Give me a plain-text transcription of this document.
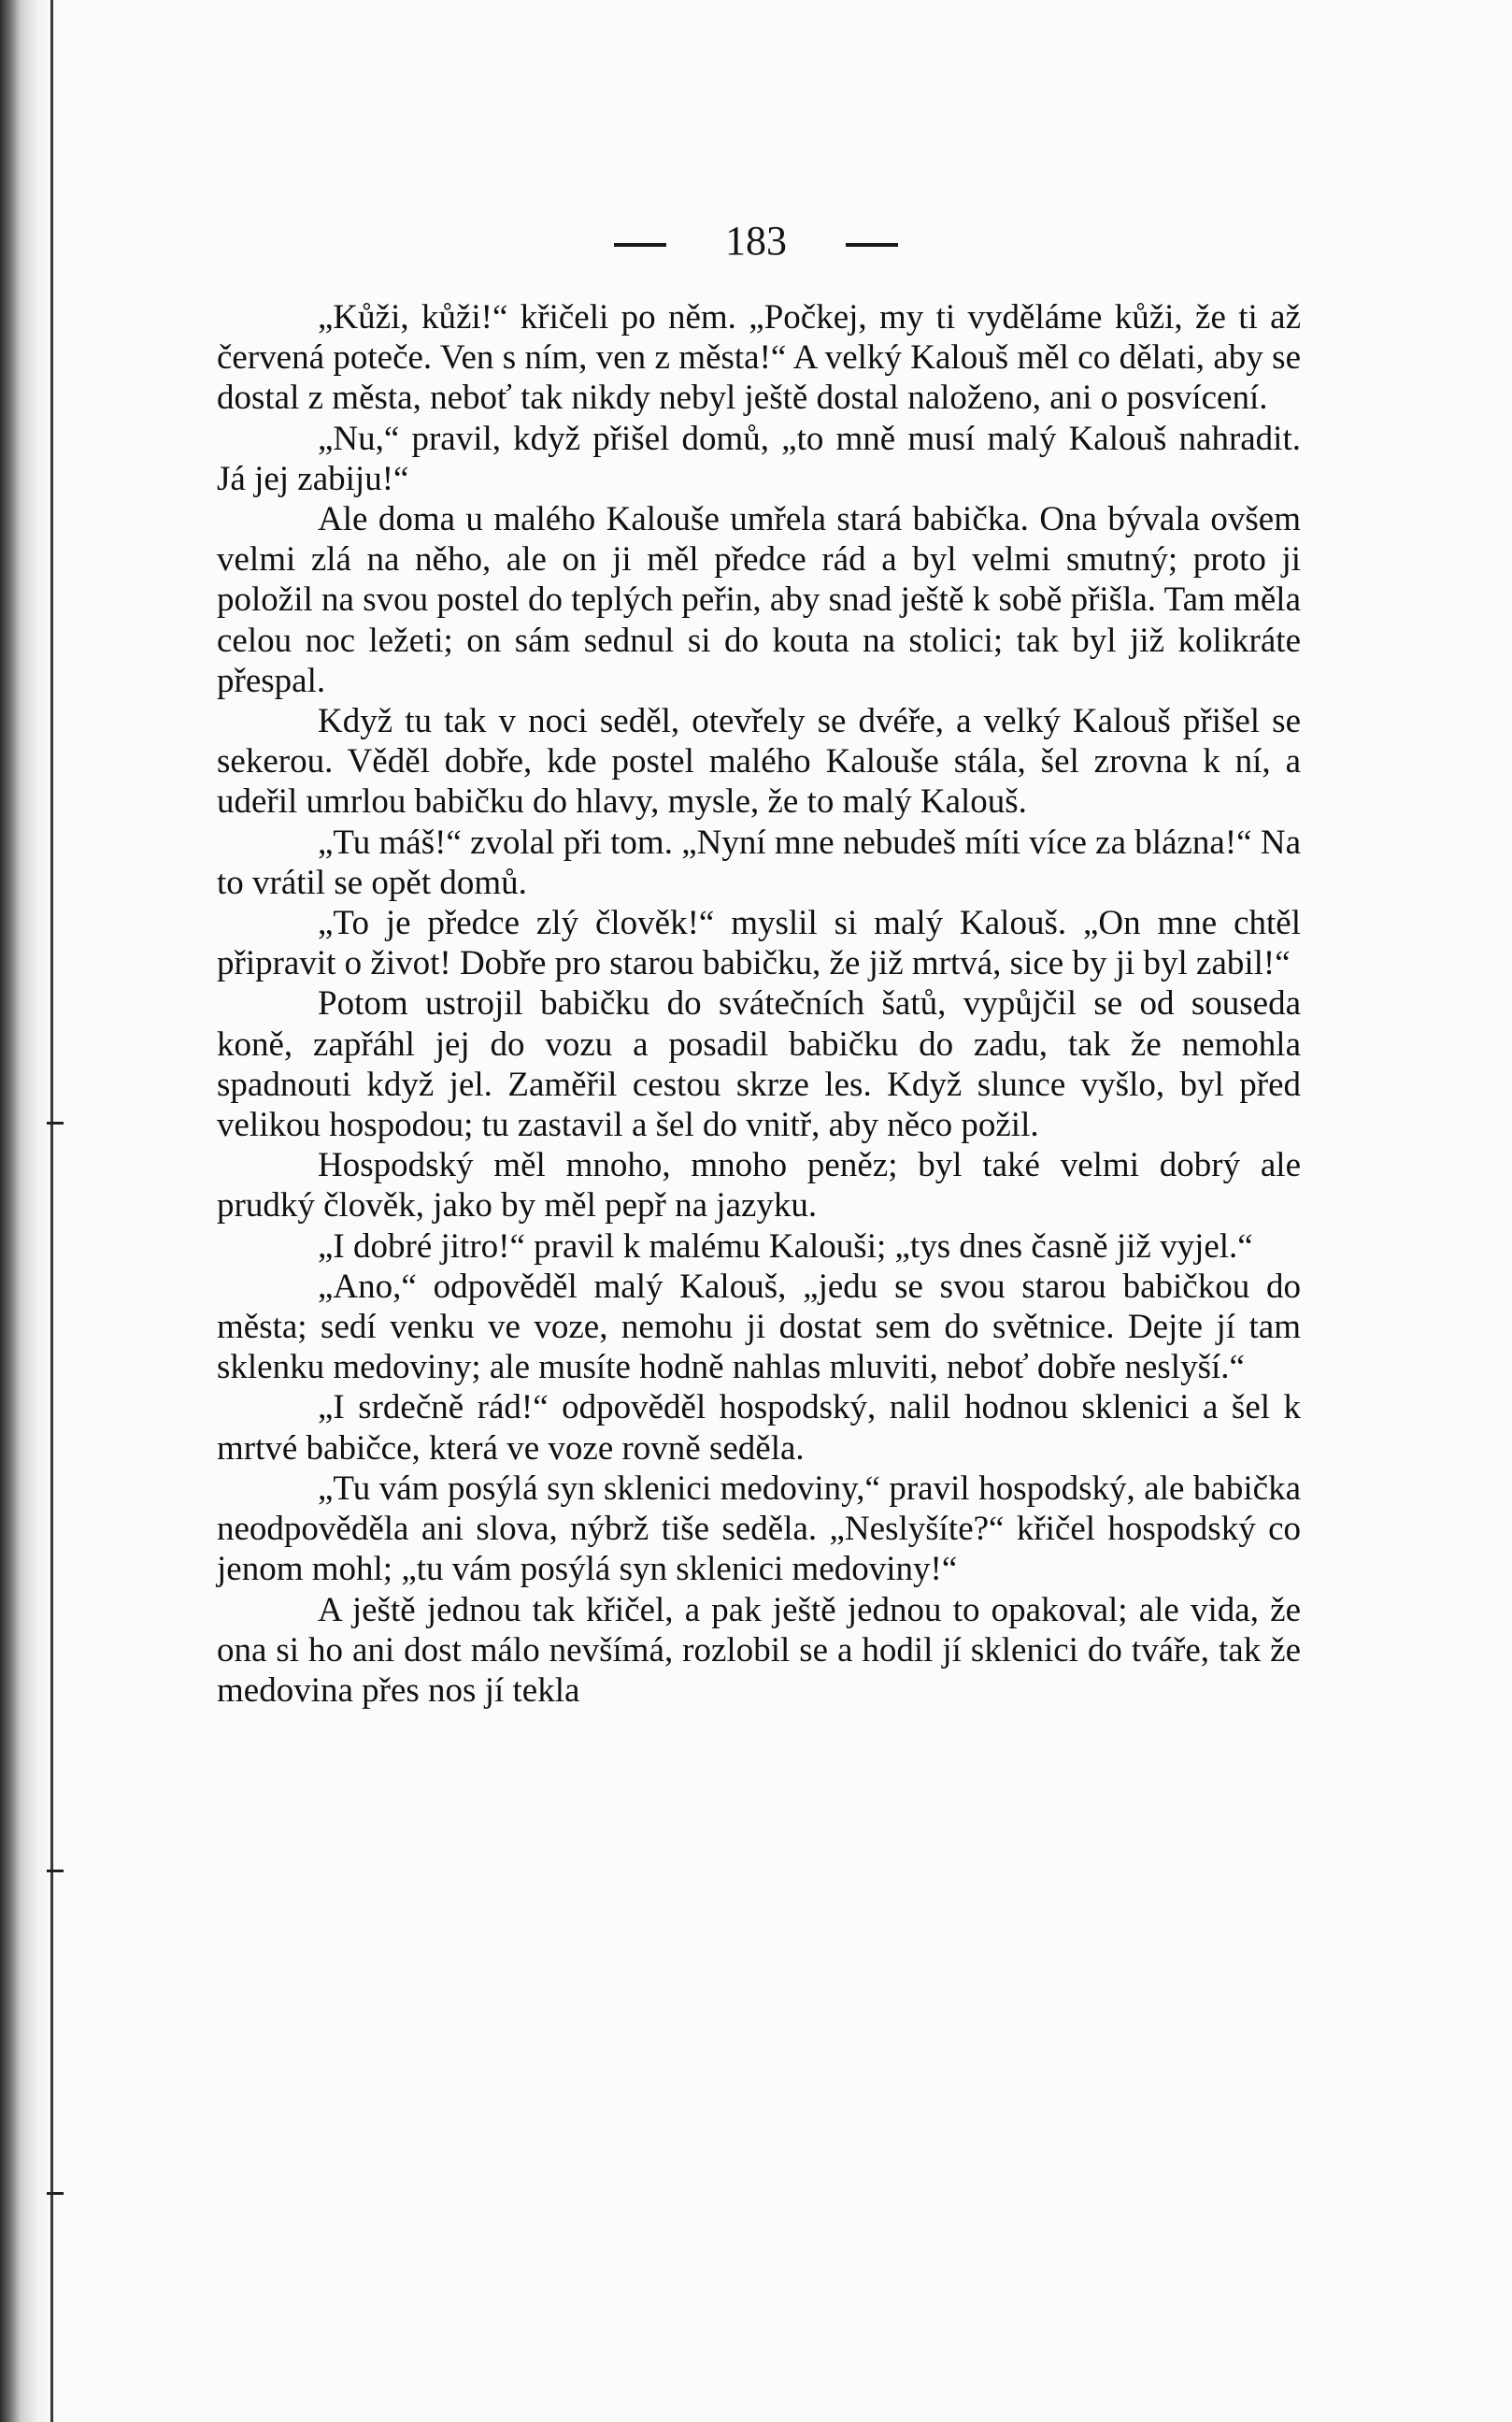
183

„Kůži, kůži!“ křičeli po něm. „Počkej, my ti vyděláme kůži, že ti až červená poteče. Ven s ním, ven z města!“ A velký Kalouš měl co dělati, aby se dostal z města, neboť tak nikdy nebyl ještě dostal naloženo, ani o posvícení.

„Nu,“ pravil, když přišel domů, „to mně musí malý Kalouš nahradit. Já jej zabiju!“

Ale doma u malého Kalouše umřela stará babička. Ona bývala ovšem velmi zlá na něho, ale on ji měl předce rád a byl velmi smutný; proto ji položil na svou postel do teplých peřin, aby snad ještě k sobě přišla. Tam měla celou noc ležeti; on sám sednul si do kouta na stolici; tak byl již kolikráte přespal.

Když tu tak v noci seděl, otevřely se dvéře, a velký Kalouš přišel se sekerou. Věděl dobře, kde postel malého Kalouše stála, šel zrovna k ní, a udeřil umrlou babičku do hlavy, mysle, že to malý Kalouš.

„Tu máš!“ zvolal při tom. „Nyní mne nebudeš míti více za blázna!“ Na to vrátil se opět domů.

„To je předce zlý člověk!“ myslil si malý Kalouš. „On mne chtěl připravit o život! Dobře pro starou babičku, že již mrtvá, sice by ji byl zabil!“

Potom ustrojil babičku do svátečních šatů, vypůjčil se od souseda koně, zapřáhl jej do vozu a posadil babičku do zadu, tak že nemohla spadnouti když jel. Zaměřil cestou skrze les. Když slunce vyšlo, byl před velikou hospodou; tu zastavil a šel do vnitř, aby něco požil.

Hospodský měl mnoho, mnoho peněz; byl také velmi dobrý ale prudký člověk, jako by měl pepř na jazyku.

„I dobré jitro!“ pravil k malému Kaloušі; „tys dnes časně již vyjel.“

„Ano,“ odpověděl malý Kalouš, „jedu se svou starou babičkou do města; sedí venku ve voze, nemohu ji dostat sem do světnice. Dejte jí tam sklenku medoviny; ale musíte hodně nahlas mluviti, neboť dobře neslyší.“

„I srdečně rád!“ odpověděl hospodský, nalil hodnou sklenici a šel k mrtvé babičce, která ve voze rovně seděla.

„Tu vám posýlá syn sklenici medoviny,“ pravil hospodský, ale babička neodpověděla ani slova, nýbrž tiše seděla. „Neslyšíte?“ křičel hospodský co jenom mohl; „tu vám posýlá syn sklenici medoviny!“

A ještě jednou tak křičel, a pak ještě jednou to opakoval; ale vida, že ona si ho ani dost málo nevšímá, rozlobil se a hodil jí sklenici do tváře, tak že medovina přes nos jí tekla
